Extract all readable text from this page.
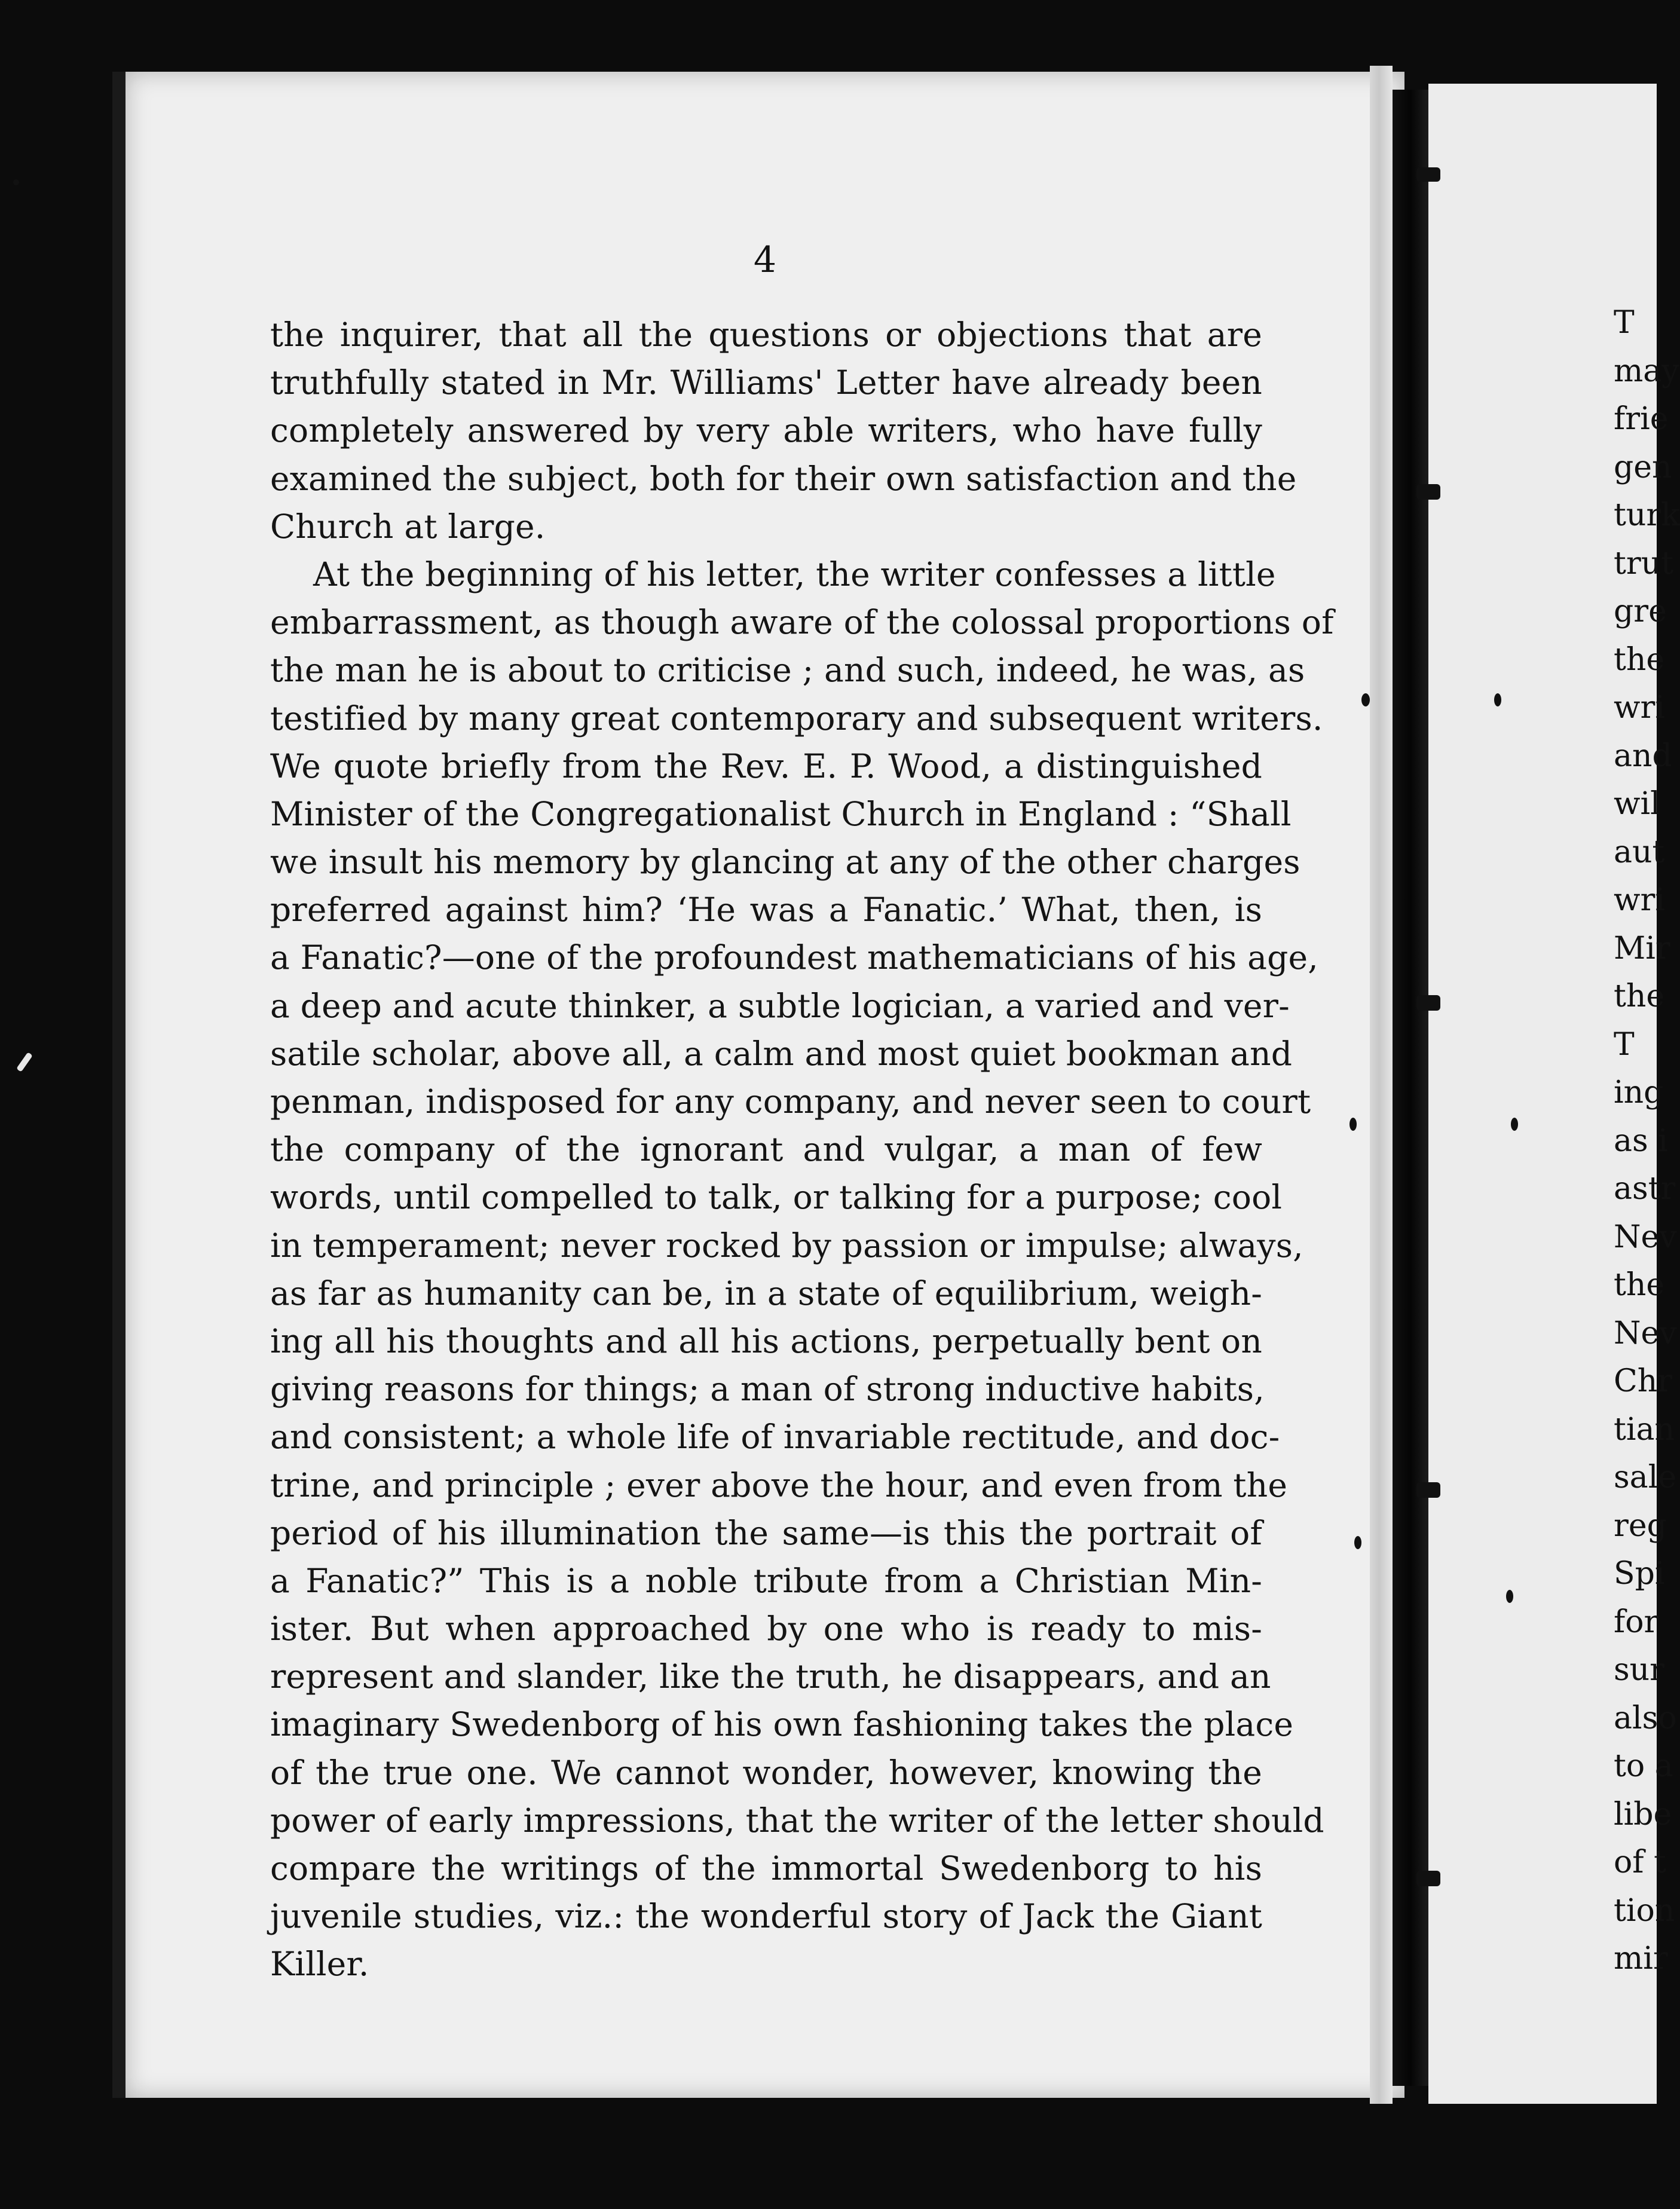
4
the inquirer, that all the questions or objections that are
truthfully stated in Mr. Williams' Letter have already been
completely answered by very able writers, who have fully
examined the subject, both for their own satisfaction and the
Church at large.
At the beginning of his letter, the writer confesses a little
embarrassment, as though aware of the colossal proportions of
the man he is about to criticise ; and such, indeed, he was, as
testified by many great contemporary and subsequent writers.
We quote briefly from the Rev. E. P. Wood, a distinguished
Minister of the Congregationalist Church in England : “Shall
we insult his memory by glancing at any of the other charges
preferred against him? ‘He was a Fanatic.’ What, then, is
a Fanatic?—one of the profoundest mathematicians of his age,
a deep and acute thinker, a subtle logician, a varied and ver-
satile scholar, above all, a calm and most quiet bookman and
penman, indisposed for any company, and never seen to court
the company of the ignorant and vulgar, a man of few
words, until compelled to talk, or talking for a purpose; cool
in temperament; never rocked by passion or impulse; always,
as far as humanity can be, in a state of equilibrium, weigh-
ing all his thoughts and all his actions, perpetually bent on
giving reasons for things; a man of strong inductive habits,
and consistent; a whole life of invariable rectitude, and doc-
trine, and principle ; ever above the hour, and even from the
period of his illumination the same—is this the portrait of
a Fanatic?” This is a noble tribute from a Christian Min-
ister. But when approached by one who is ready to mis-
represent and slander, like the truth, he disappears, and an
imaginary Swedenborg of his own fashioning takes the place
of the true one. We cannot wonder, however, knowing the
power of early impressions, that the writer of the letter should
compare the writings of the immortal Swedenborg to his
juvenile studies, viz.: the wonderful story of Jack the Giant
Killer.
T
may
frie
gen
turk
trut
gre
the
wri
and
wil
aut
wri
Mir
the
T
ing
as i
astr
Nev
the
Nev
Chr
tian
sale
reg
Spi
for
sur
also
to a
libe
of t
tion
mir
